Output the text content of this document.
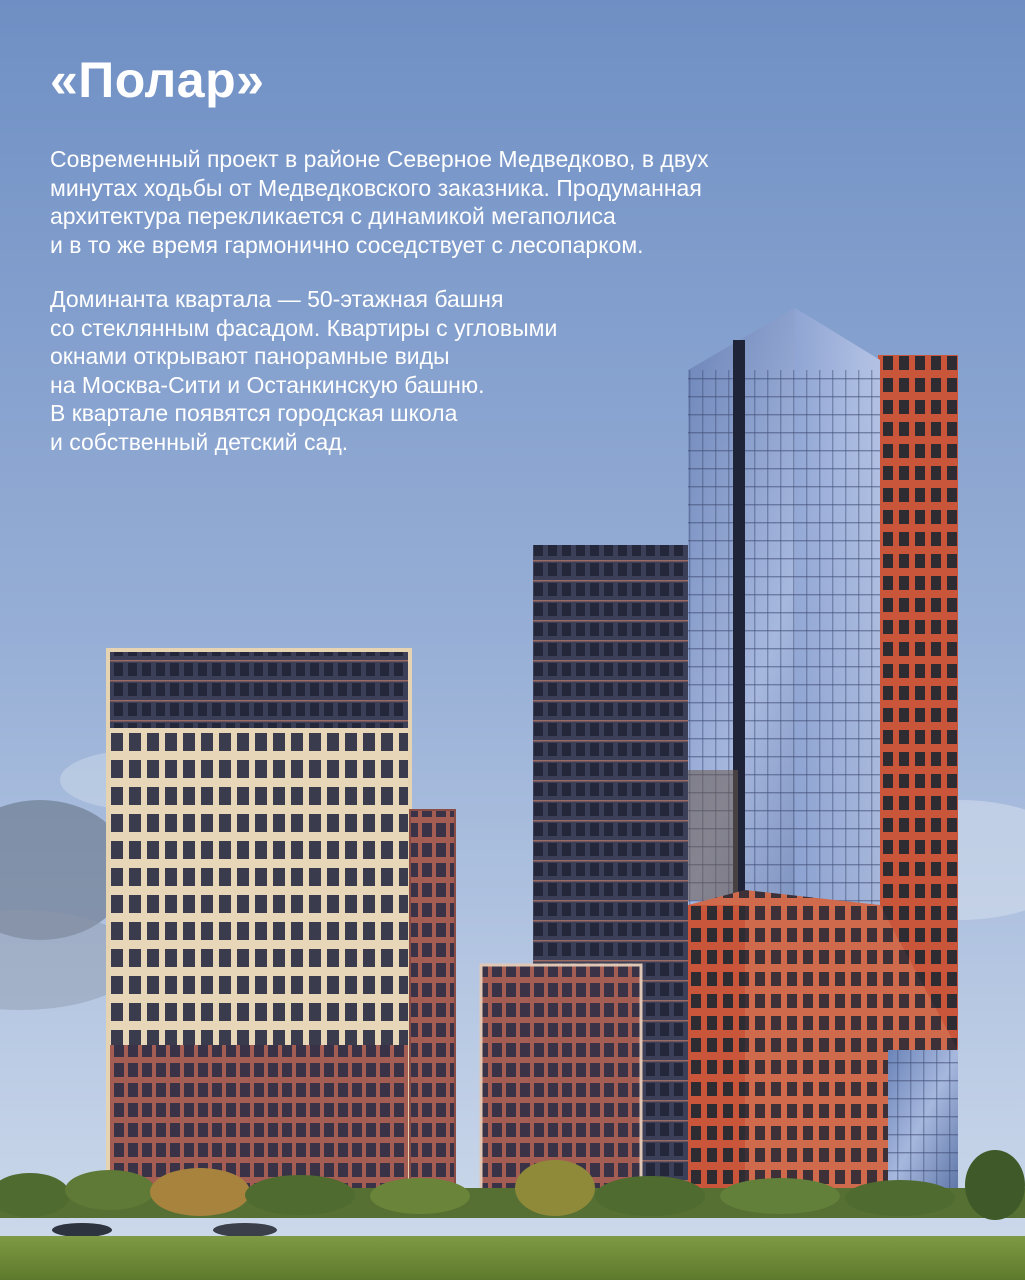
«Полар»

Современный проект в районе Северное Медведково, в двух
минутах ходьбы от Медведковского заказника. Продуманная
архитектура перекликается с динамикой мегаполиса
и в то же время гармонично соседствует с лесопарком.

Доминанта квартала — 50-этажная башня
со стеклянным фасадом. Квартиры с угловыми
окнами открывают панорамные виды
на Москва-Сити и Останкинскую башню.
В квартале появятся городская школа
и собственный детский сад.
